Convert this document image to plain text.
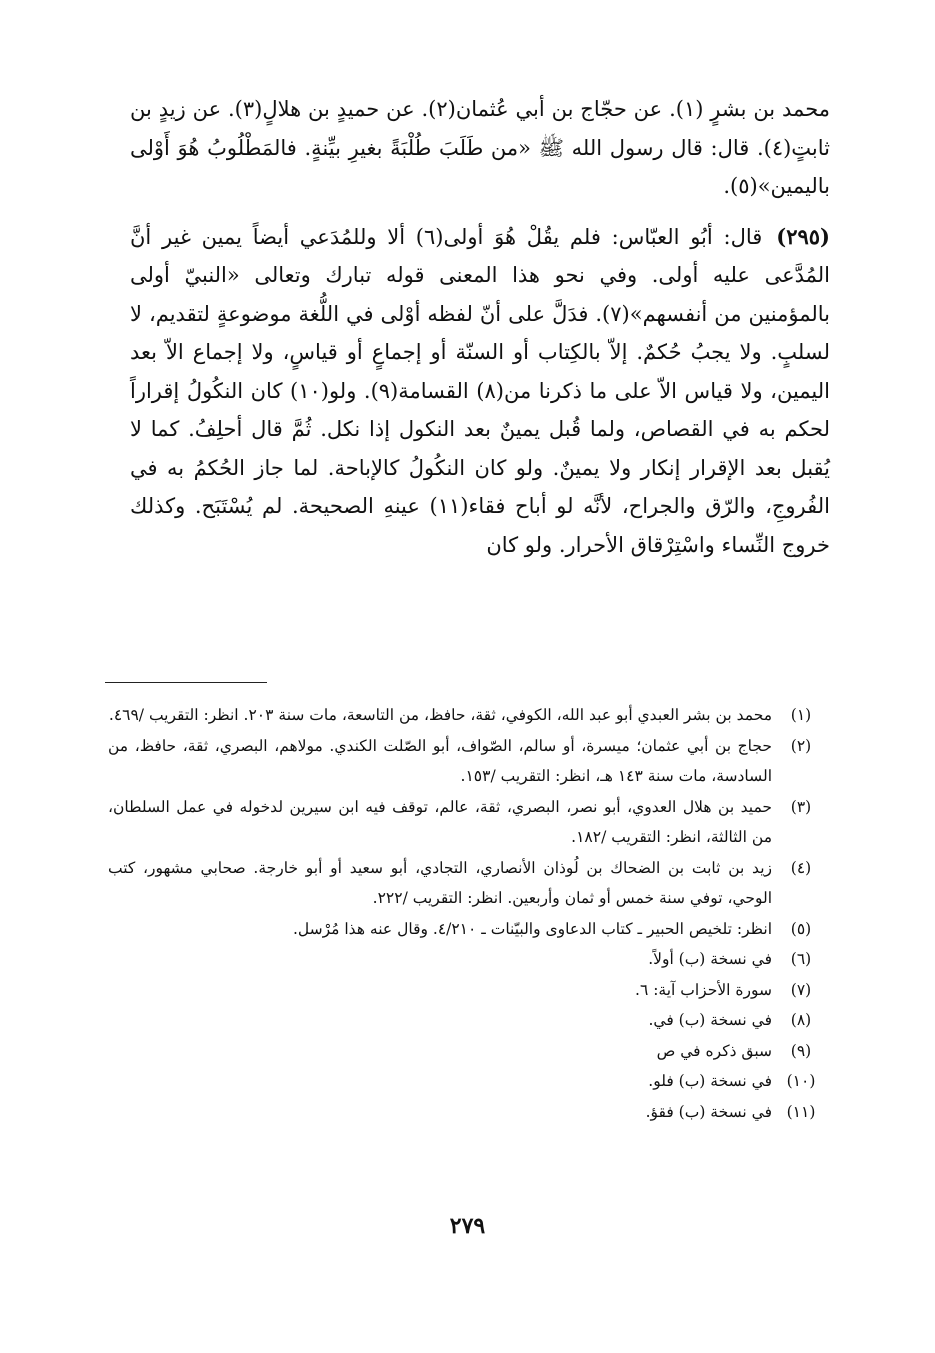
محمد بن بشرٍ (١). عن حجّاج بن أبي عُثمان(٢). عن حميدٍ بن هلالٍ(٣). عن زيدٍ بن ثابتٍ(٤). قال: قال رسول الله ﷺ «من طَلَبَ طُلْبَةً بغيرِ بيِّنةٍ. فالمَطْلُوبُ هُوَ أَوْلى باليمين»(٥).

(٢٩٥)قال: أبُو العبّاس: فلم يقُلْ هُوَ أولى(٦) ألا وللمُدَعي أيضاً يمين غير أنَّ المُدَّعى عليه أولى. وفي نحو هذا المعنى قوله تبارك وتعالى «النبيّ أولى بالمؤمنين من أنفسهم»(٧). فدَلَّ على أنّ لفظه أوْلى في اللُّغة موضوعةٍ لتقديم، لا لسلبٍ. ولا يجبُ حُكمٌ. إلاّ بالكِتاب أو السنّة أو إجماعٍ أو قياسٍ، ولا إجماع الاّ بعد اليمين، ولا قياس الاّ على ما ذكرنا من(٨) القسامة(٩). ولو(١٠) كان النكُولُ إقراراً لحكم به في القصاص، ولما قُبل يمينٌ بعد النكول إذا نكل. ثُمَّ قال أحلِفُ. كما لا يُقبل بعد الإقرار إنكار ولا يمينٌ. ولو كان النكُولُ كالإباحة. لما جاز الحُكمُ به في الفُروجِ، والرّق والجراح، لأنَّه لو أباح فقاء(١١) عينهِ الصحيحة. لم يُسْتَبَح. وكذلك خروج النِّساء واسْتِرْقاق الأحرار. ولو كان

(١)
محمد بن بشر العبدي أبو عبد الله، الكوفي، ثقة، حافظ، من التاسعة، مات سنة ٢٠٣. انظر: التقريب /٤٦٩.
(٢)
حجاج بن أبي عثمان؛ ميسرة، أو سالم، الصّواف، أبو الصّلت الكندي. مولاهم، البصري، ثقة، حافظ، من السادسة، مات سنة ١٤٣ هـ، انظر: التقريب /١٥٣.
(٣)
حميد بن هلال العدوي، أبو نصر، البصري، ثقة، عالم، توقف فيه ابن سيرين لدخوله في عمل السلطان، من الثالثة، انظر: التقريب /١٨٢.
(٤)
زيد بن ثابت بن الضحاك بن لُوذان الأنصاري، التجادي، أبو سعيد أو أبو خارجة. صحابي مشهور، كتب الوحي، توفي سنة خمس أو ثمان وأربعين. انظر: التقريب /٢٢٢.
(٥)
انظر: تلخيص الحبير ـ كتاب الدعاوى والبيّنات ـ ٤/٢١٠. وقال عنه هذا مُرْسل.
(٦)
في نسخة (ب) أولاً.
(٧)
سورة الأحزاب آية: ٦.
(٨)
في نسخة (ب) في.
(٩)
سبق ذكره في ص
(١٠)
في نسخة (ب) فلو.
(١١)
في نسخة (ب) فقؤ.
٢٧٩
